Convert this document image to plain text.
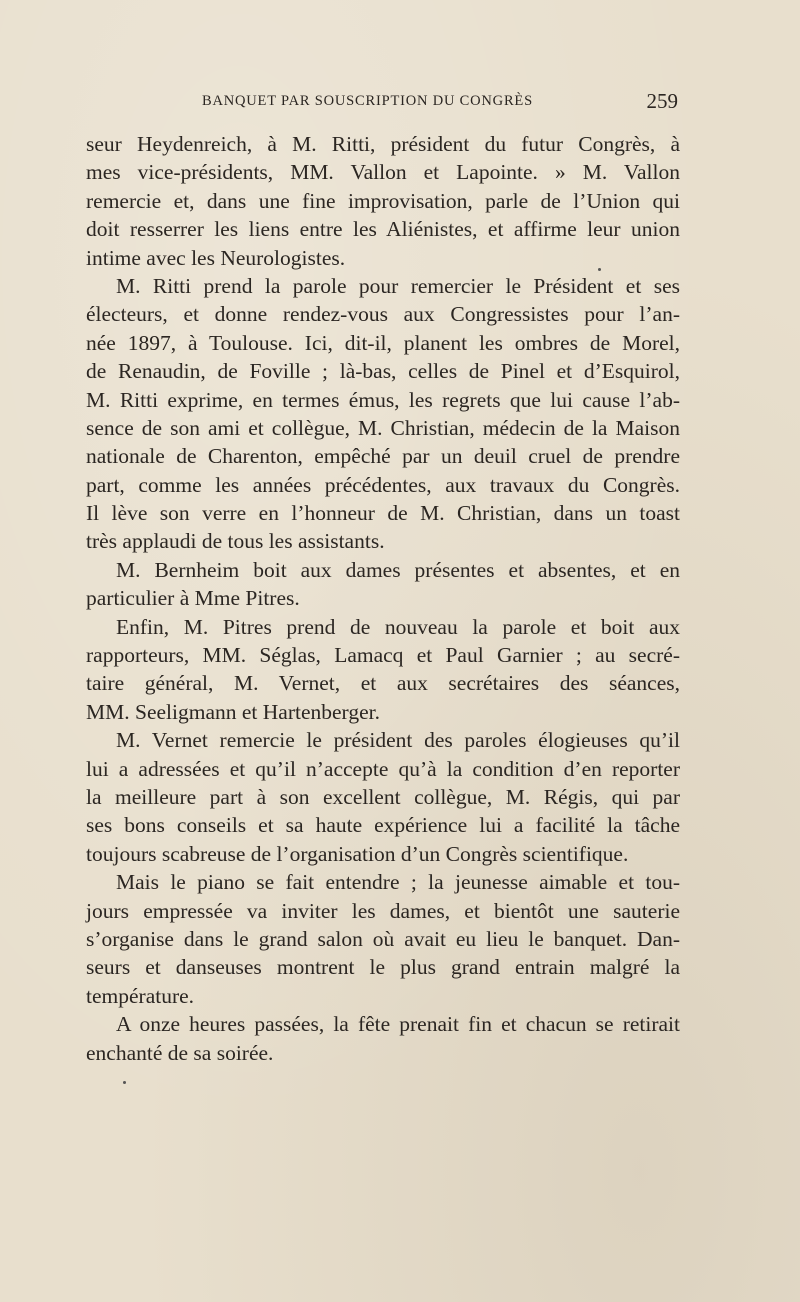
BANQUET PAR SOUSCRIPTION DU CONGRÈS	259
seur Heydenreich, à M. Ritti, président du futur Congrès, à
mes vice-présidents, MM. Vallon et Lapointe. » M. Vallon
remercie et, dans une fine improvisation, parle de l’Union qui
doit resserrer les liens entre les Aliénistes, et affirme leur union
intime avec les Neurologistes.
M. Ritti prend la parole pour remercier le Président et ses
électeurs, et donne rendez-vous aux Congressistes pour l’an-
née 1897, à Toulouse. Ici, dit-il, planent les ombres de Morel,
de Renaudin, de Foville ; là-bas, celles de Pinel et d’Esquirol,
M. Ritti exprime, en termes émus, les regrets que lui cause l’ab-
sence de son ami et collègue, M. Christian, médecin de la Maison
nationale de Charenton, empêché par un deuil cruel de prendre
part, comme les années précédentes, aux travaux du Congrès.
Il lève son verre en l’honneur de M. Christian, dans un toast
très applaudi de tous les assistants.
M. Bernheim boit aux dames présentes et absentes, et en
particulier à Mme Pitres.
Enfin, M. Pitres prend de nouveau la parole et boit aux
rapporteurs, MM. Séglas, Lamacq et Paul Garnier ; au secré-
taire général, M. Vernet, et aux secrétaires des séances,
MM. Seeligmann et Hartenberger.
M. Vernet remercie le président des paroles élogieuses qu’il
lui a adressées et qu’il n’accepte qu’à la condition d’en reporter
la meilleure part à son excellent collègue, M. Régis, qui par
ses bons conseils et sa haute expérience lui a facilité la tâche
toujours scabreuse de l’organisation d’un Congrès scientifique.
Mais le piano se fait entendre ; la jeunesse aimable et tou-
jours empressée va inviter les dames, et bientôt une sauterie
s’organise dans le grand salon où avait eu lieu le banquet. Dan-
seurs et danseuses montrent le plus grand entrain malgré la
température.
A onze heures passées, la fête prenait fin et chacun se retirait
enchanté de sa soirée.
